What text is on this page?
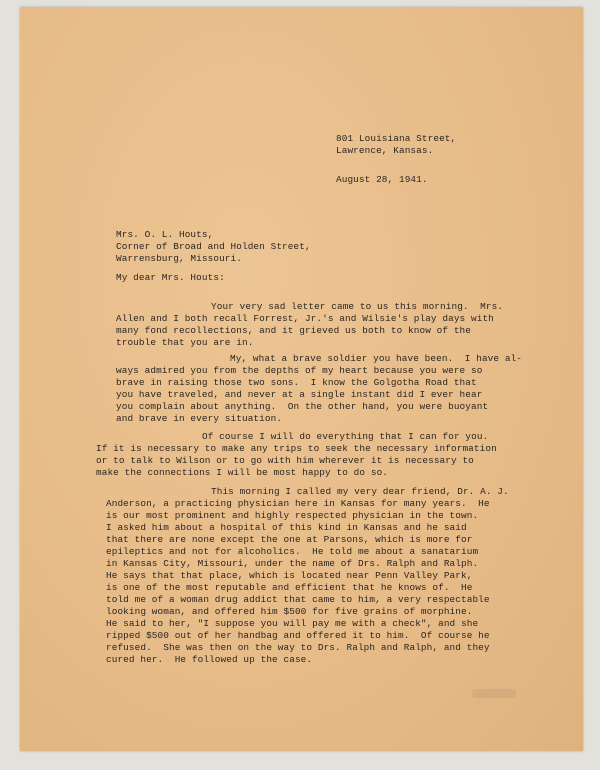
801 Louisiana Street,
Lawrence, Kansas.
August 28, 1941.
Mrs. O. L. Houts,
Corner of Broad and Holden Street,
Warrensburg, Missouri.
My dear Mrs. Houts:
Your very sad letter came to us this morning.  Mrs.
Allen and I both recall Forrest, Jr.'s and Wilsie's play days with
many fond recollections, and it grieved us both to know of the
trouble that you are in.
My, what a brave soldier you have been.  I have al-
ways admired you from the depths of my heart because you were so
brave in raising those two sons.  I know the Golgotha Road that
you have traveled, and never at a single instant did I ever hear
you complain about anything.  On the other hand, you were buoyant
and brave in every situation.
Of course I will do everything that I can for you.
If it is necessary to make any trips to seek the necessary information
or to talk to Wilson or to go with him wherever it is necessary to
make the connections I will be most happy to do so.
This morning I called my very dear friend, Dr. A. J.
Anderson, a practicing physician here in Kansas for many years.  He
is our most prominent and highly respected physician in the town.
I asked him about a hospital of this kind in Kansas and he said
that there are none except the one at Parsons, which is more for
epileptics and not for alcoholics.  He told me about a sanatarium
in Kansas City, Missouri, under the name of Drs. Ralph and Ralph.
He says that that place, which is located near Penn Valley Park,
is one of the most reputable and efficient that he knows of.  He
told me of a woman drug addict that came to him, a very respectable
looking woman, and offered him $500 for five grains of morphine.
He said to her, "I suppose you will pay me with a check", and she
ripped $500 out of her handbag and offered it to him.  Of course he
refused.  She was then on the way to Drs. Ralph and Ralph, and they
cured her.  He followed up the case.
